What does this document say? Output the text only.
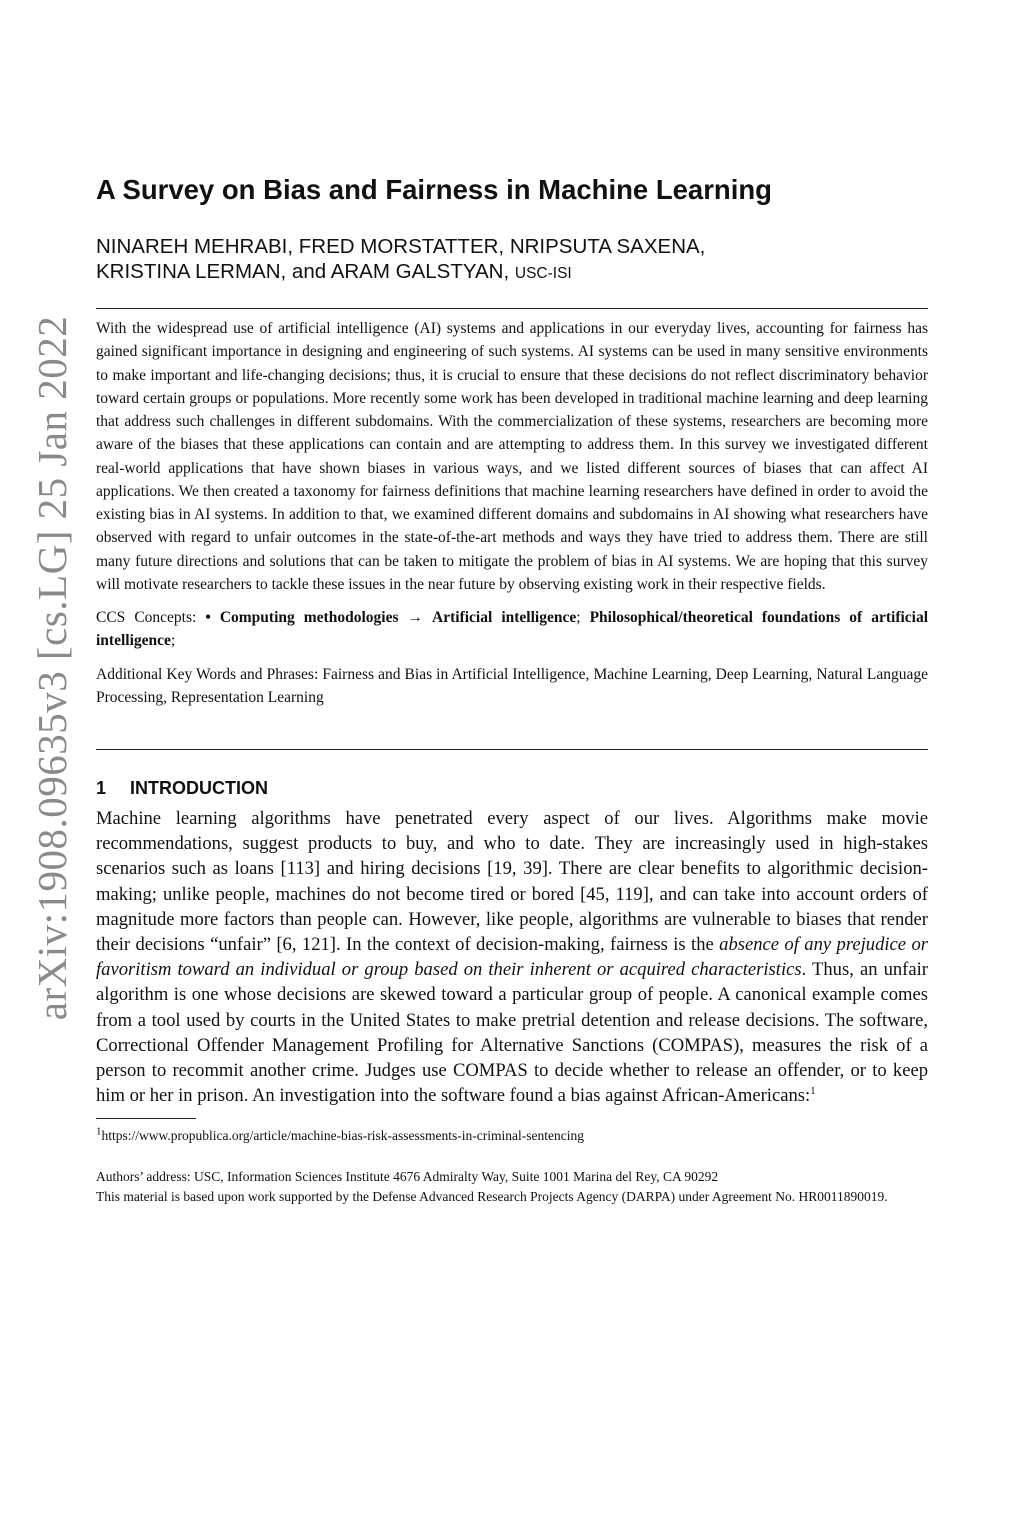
arXiv:1908.09635v3 [cs.LG] 25 Jan 2022
A Survey on Bias and Fairness in Machine Learning
NINAREH MEHRABI, FRED MORSTATTER, NRIPSUTA SAXENA,
KRISTINA LERMAN, and ARAM GALSTYAN, USC-ISI
With the widespread use of artificial intelligence (AI) systems and applications in our everyday lives, accounting for fairness has gained significant importance in designing and engineering of such systems. AI systems can be used in many sensitive environments to make important and life-changing decisions; thus, it is crucial to ensure that these decisions do not reflect discriminatory behavior toward certain groups or populations. More recently some work has been developed in traditional machine learning and deep learning that address such challenges in different subdomains. With the commercialization of these systems, researchers are becoming more aware of the biases that these applications can contain and are attempting to address them. In this survey we investigated different real-world applications that have shown biases in various ways, and we listed different sources of biases that can affect AI applications. We then created a taxonomy for fairness definitions that machine learning researchers have defined in order to avoid the existing bias in AI systems. In addition to that, we examined different domains and subdomains in AI showing what researchers have observed with regard to unfair outcomes in the state-of-the-art methods and ways they have tried to address them. There are still many future directions and solutions that can be taken to mitigate the problem of bias in AI systems. We are hoping that this survey will motivate researchers to tackle these issues in the near future by observing existing work in their respective fields.
CCS Concepts: • Computing methodologies → Artificial intelligence; Philosophical/theoretical foundations of artificial intelligence;
Additional Key Words and Phrases: Fairness and Bias in Artificial Intelligence, Machine Learning, Deep Learning, Natural Language Processing, Representation Learning
1 INTRODUCTION
Machine learning algorithms have penetrated every aspect of our lives. Algorithms make movie recommendations, suggest products to buy, and who to date. They are increasingly used in high-stakes scenarios such as loans [113] and hiring decisions [19, 39]. There are clear benefits to algorithmic decision-making; unlike people, machines do not become tired or bored [45, 119], and can take into account orders of magnitude more factors than people can. However, like people, algorithms are vulnerable to biases that render their decisions “unfair” [6, 121]. In the context of decision-making, fairness is the absence of any prejudice or favoritism toward an individual or group based on their inherent or acquired characteristics. Thus, an unfair algorithm is one whose decisions are skewed toward a particular group of people. A canonical example comes from a tool used by courts in the United States to make pretrial detention and release decisions. The software, Correctional Offender Management Profiling for Alternative Sanctions (COMPAS), measures the risk of a person to recommit another crime. Judges use COMPAS to decide whether to release an offender, or to keep him or her in prison. An investigation into the software found a bias against African-Americans:$^1$
$^1$https://www.propublica.org/article/machine-bias-risk-assessments-in-criminal-sentencing
Authors’ address: USC, Information Sciences Institute 4676 Admiralty Way, Suite 1001 Marina del Rey, CA 90292
This material is based upon work supported by the Defense Advanced Research Projects Agency (DARPA) under Agreement No. HR0011890019.
